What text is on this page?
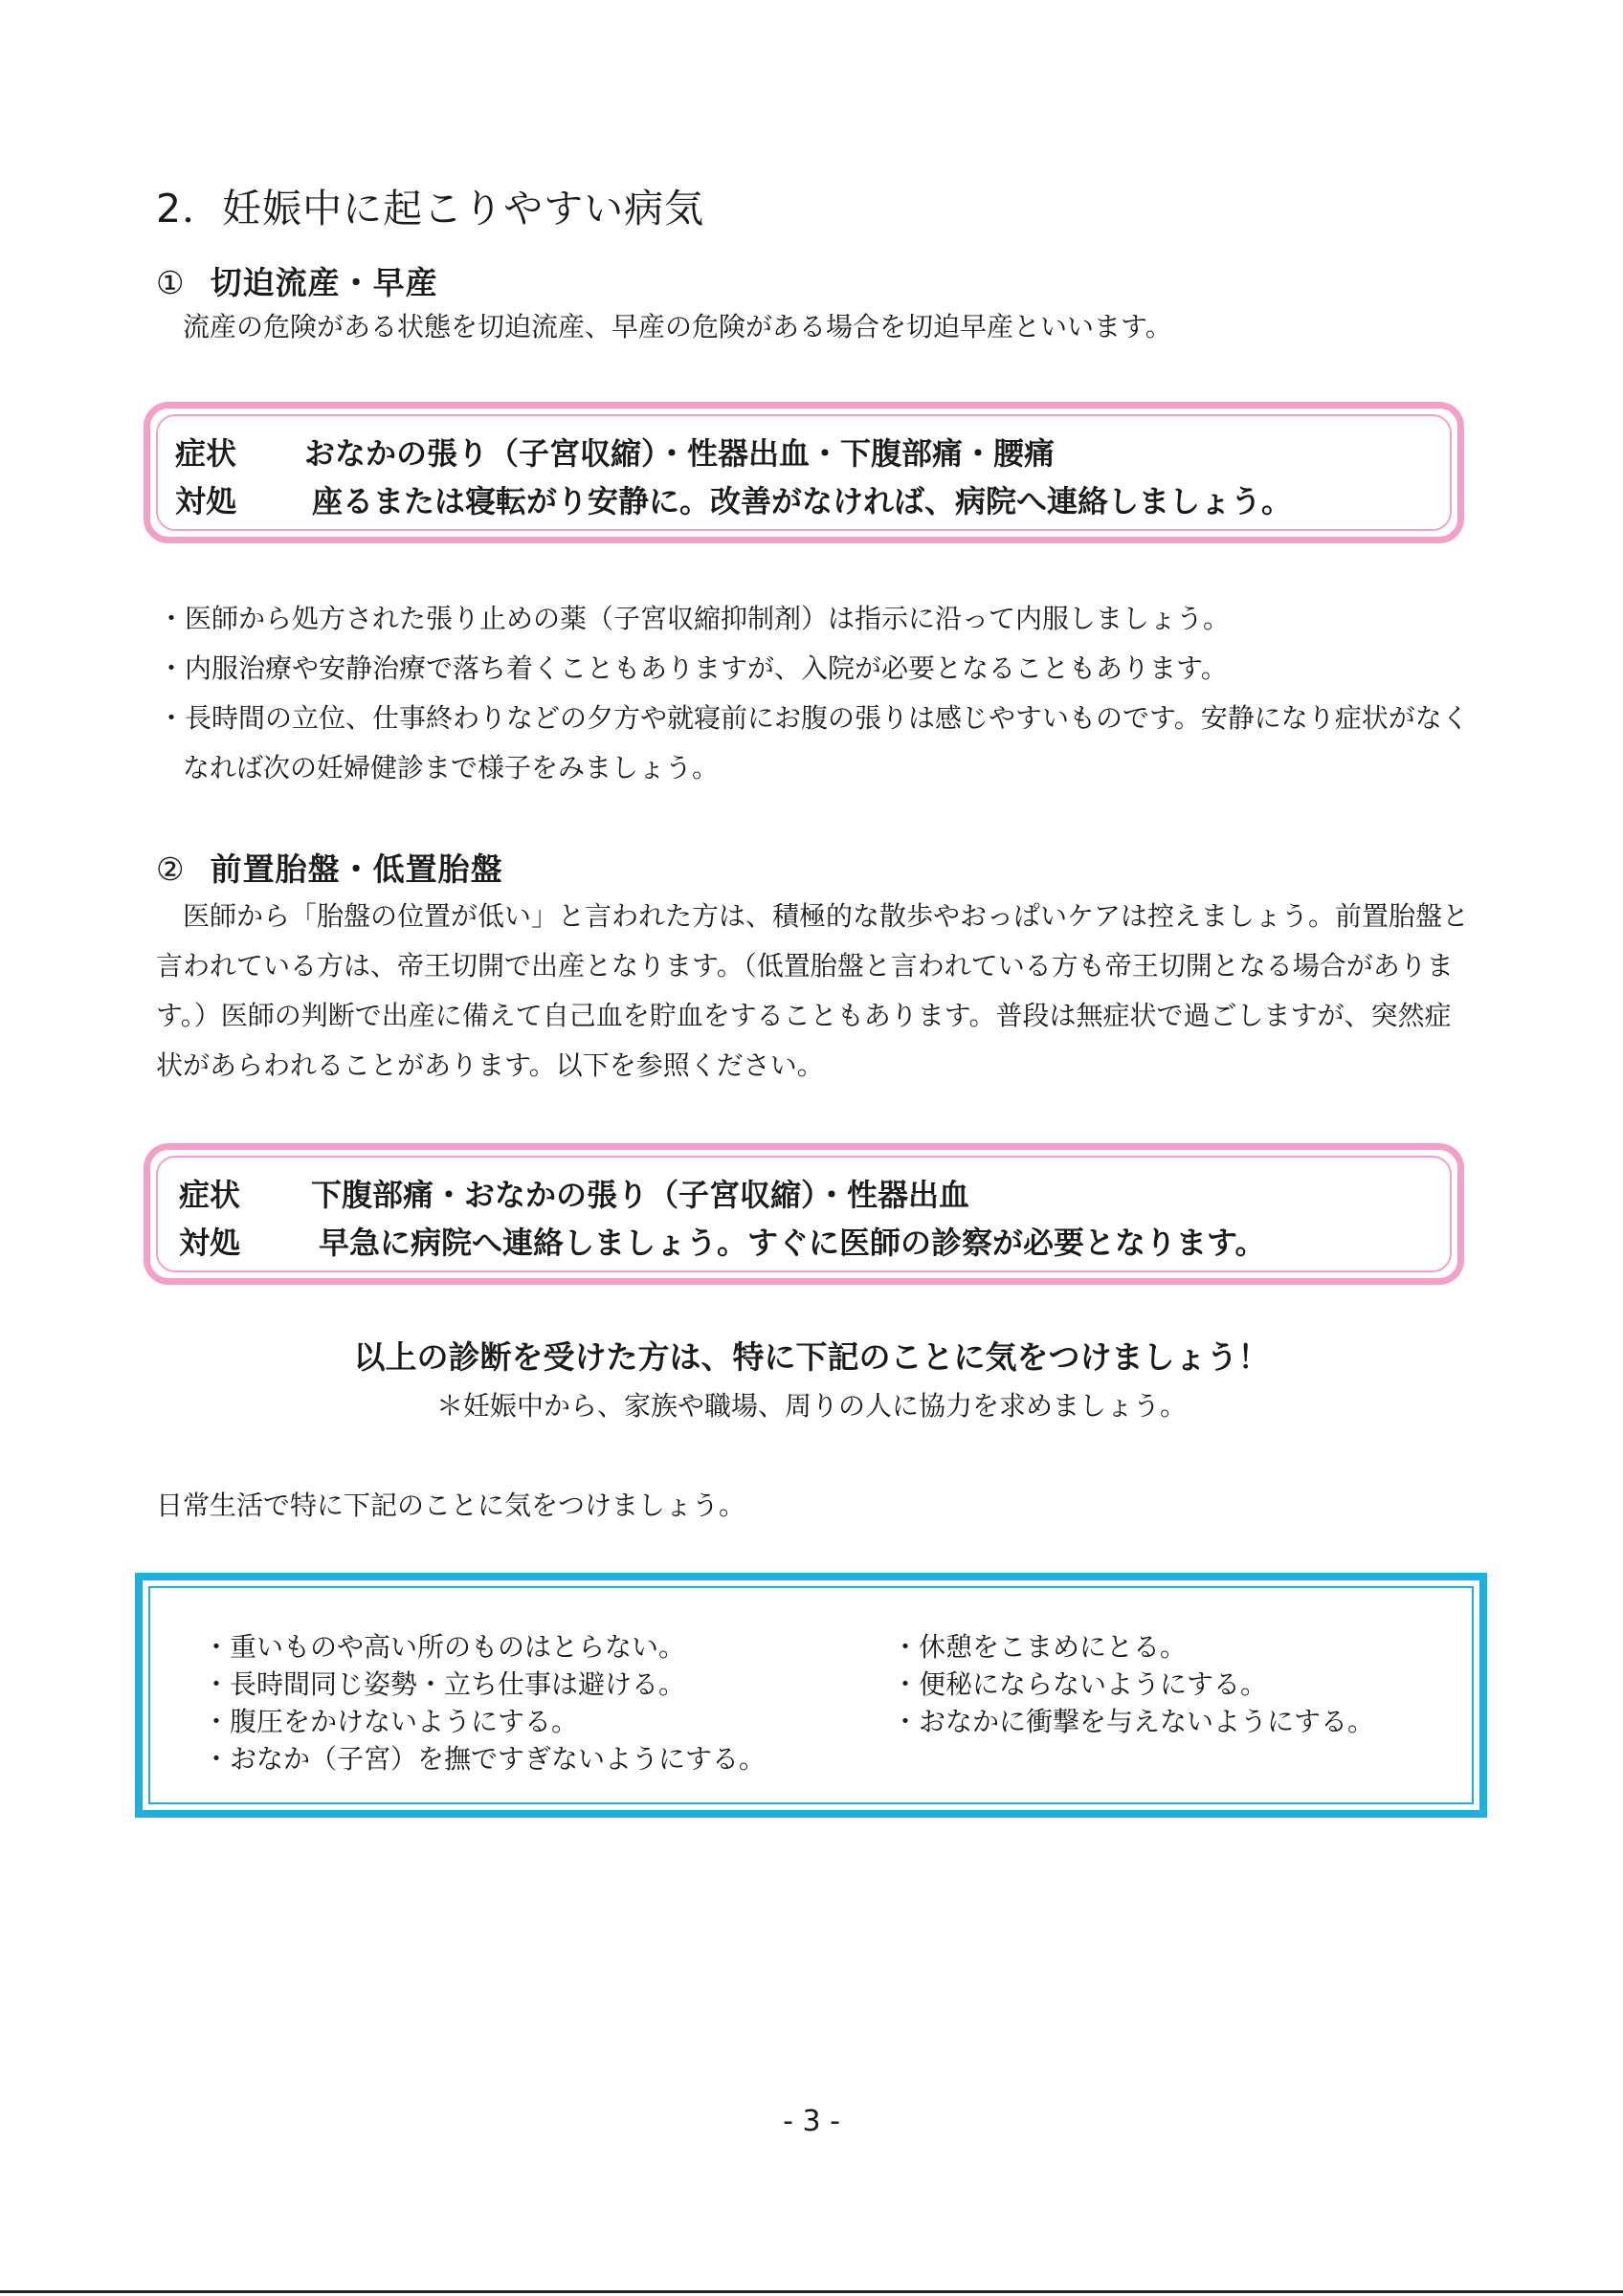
2．妊娠中に起こりやすい病気
① 切迫流産・早産
流産の危険がある状態を切迫流産、早産の危険がある場合を切迫早産といいます。
症状 おなかの張り（子宮収縮）・性器出血・下腹部痛・腰痛
対処 座るまたは寝転がり安静に。改善がなければ、病院へ連絡しましょう。
・医師から処方された張り止めの薬（子宮収縮抑制剤）は指示に沿って内服しましょう。
・内服治療や安静治療で落ち着くこともありますが、入院が必要となることもあります。
・長時間の立位、仕事終わりなどの夕方や就寝前にお腹の張りは感じやすいものです。安静になり症状がなくなれば次の妊婦健診まで様子をみましょう。
② 前置胎盤・低置胎盤
医師から「胎盤の位置が低い」と言われた方は、積極的な散歩やおっぱいケアは控えましょう。前置胎盤と言われている方は、帝王切開で出産となります。（低置胎盤と言われている方も帝王切開となる場合があります。）医師の判断で出産に備えて自己血を貯血をすることもあります。普段は無症状で過ごしますが、突然症状があらわれることがあります。以下を参照ください。
症状 下腹部痛・おなかの張り（子宮収縮）・性器出血
対処	早急に病院へ連絡しましょう。すぐに医師の診察が必要となります。
以上の診断を受けた方は、特に下記のことに気をつけましょう！
＊妊娠中から、家族や職場、周りの人に協力を求めましょう。
日常生活で特に下記のことに気をつけましょう。
・重いものや高い所のものはとらない。
・長時間同じ姿勢・立ち仕事は避ける。
・腹圧をかけないようにする。
・おなか（子宮）を撫ですぎないようにする。
・休憩をこまめにとる。
・便秘にならないようにする。
・おなかに衝撃を与えないようにする。
- 3 -
